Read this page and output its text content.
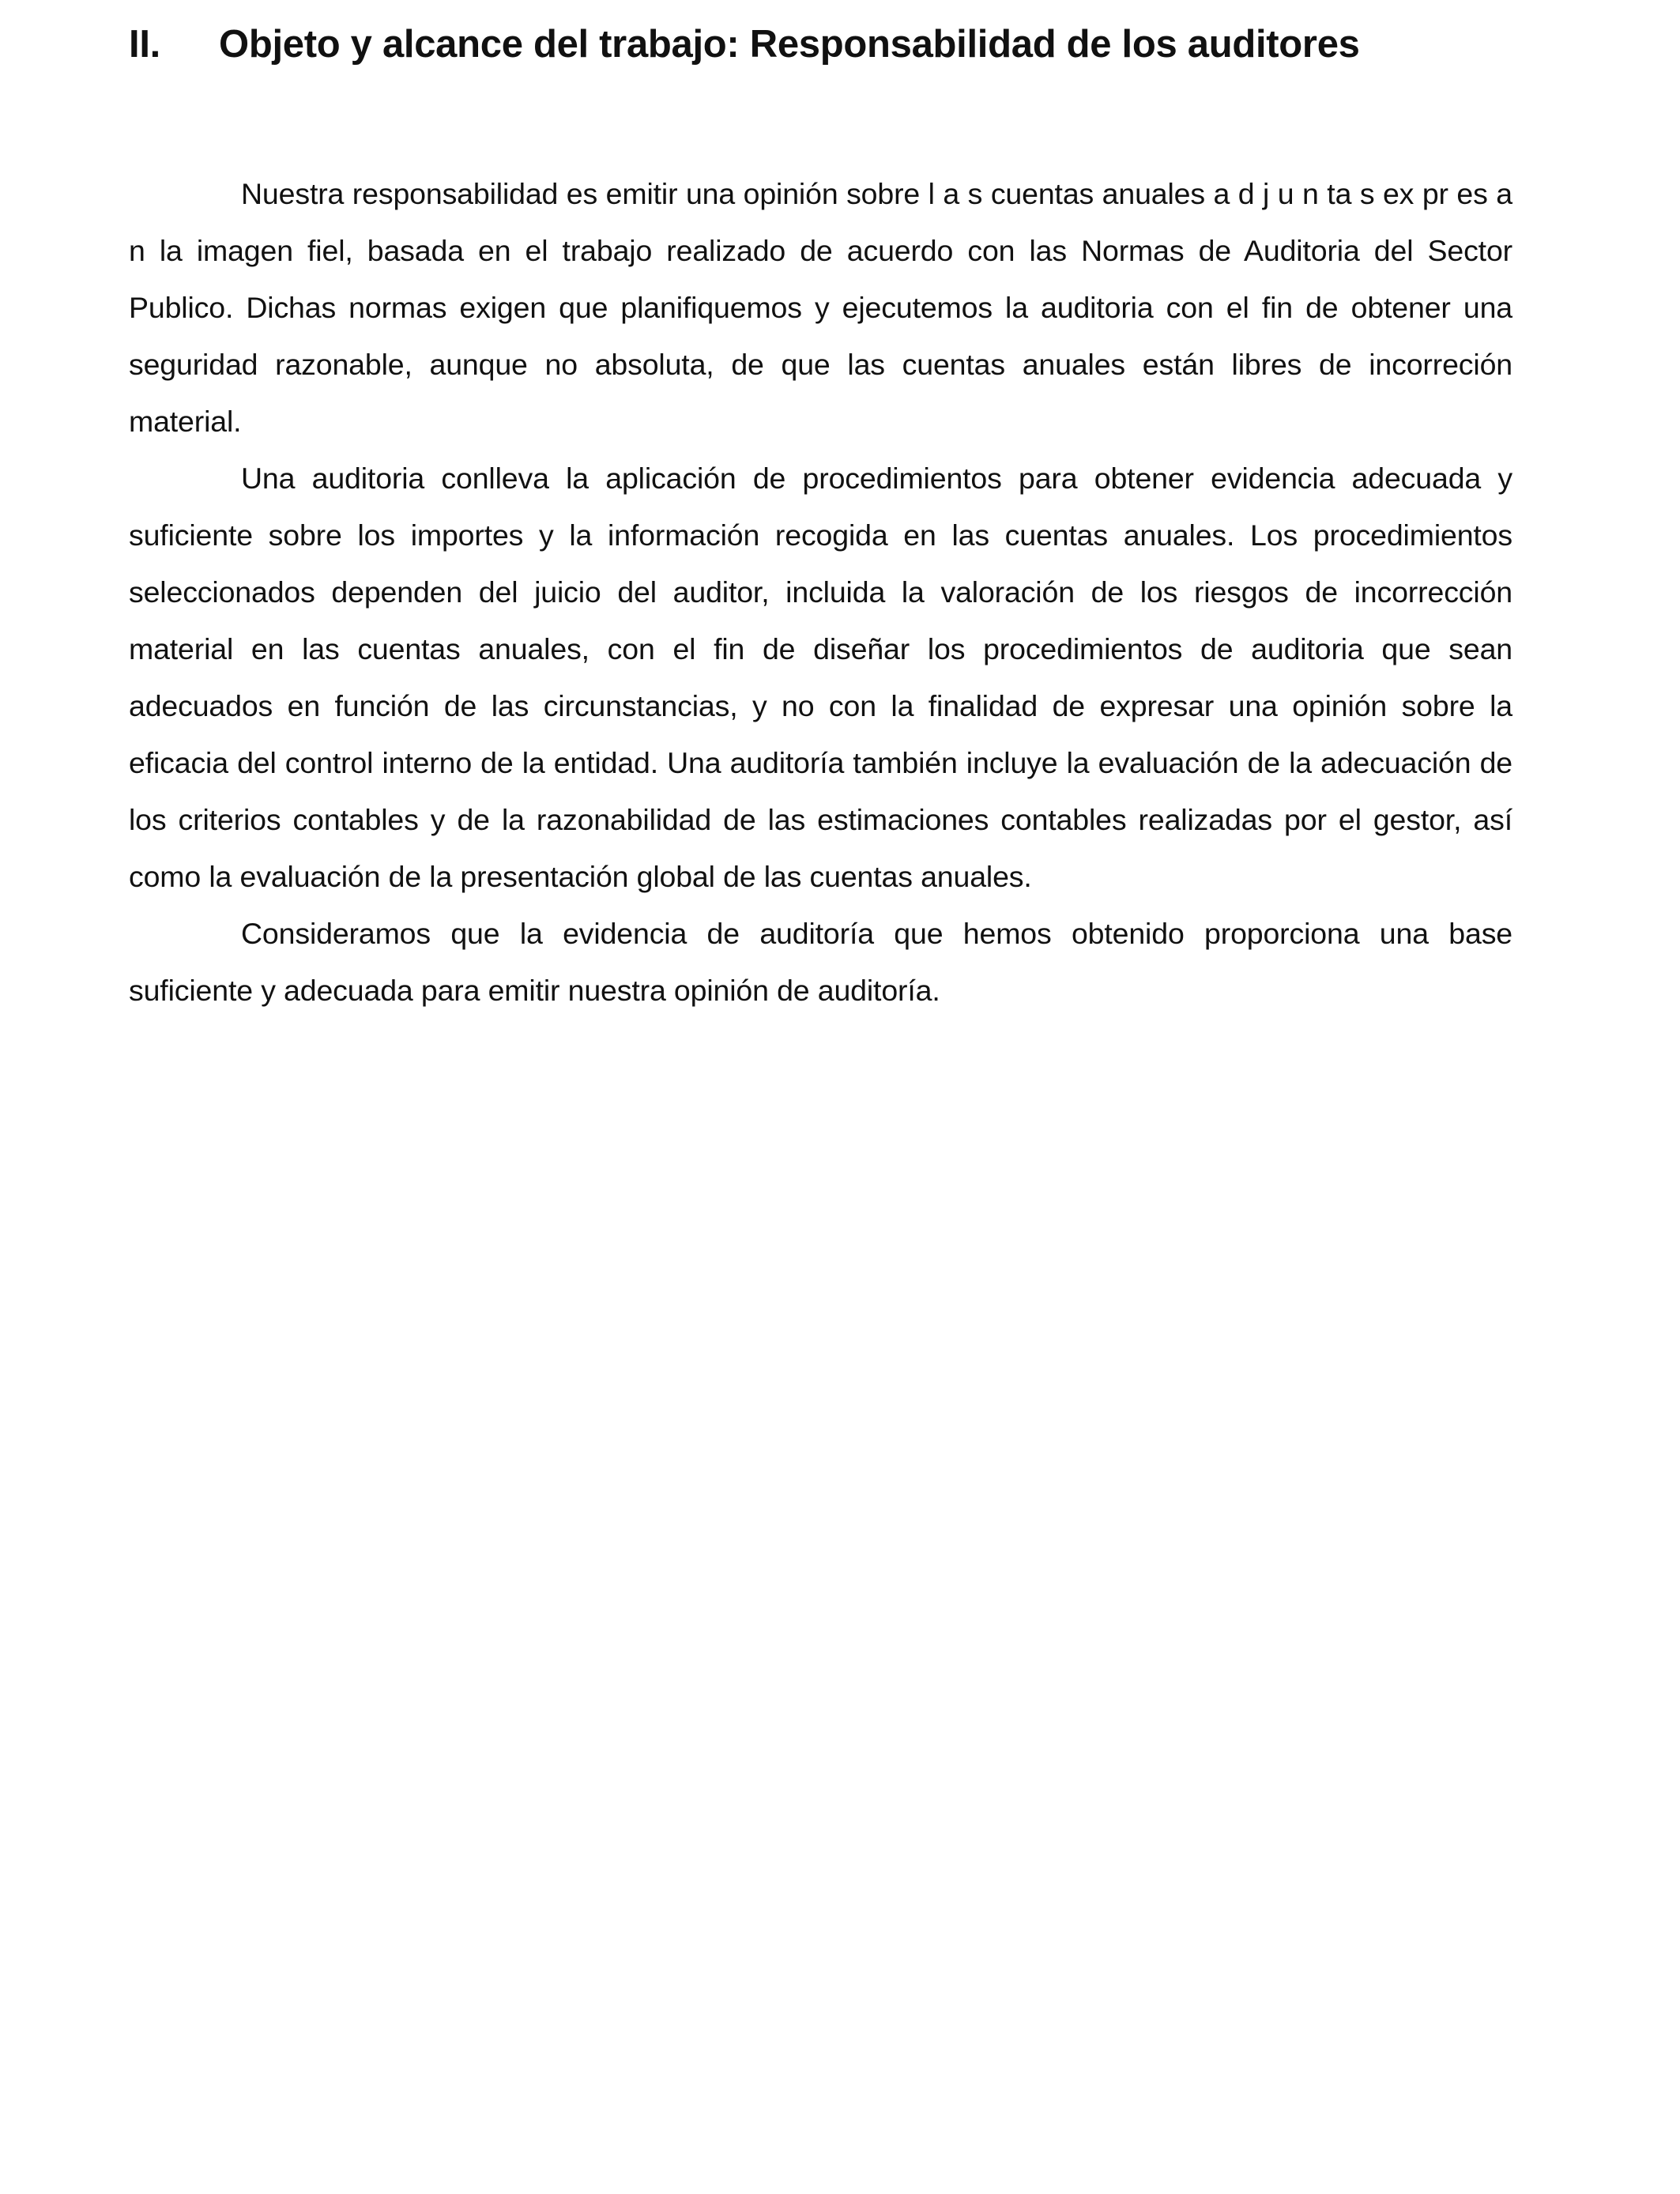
II. Objeto y alcance del trabajo: Responsabilidad de los auditores

Nuestra responsabilidad es emitir una opinión sobre l a s cuentas anuales a d j u n ta s ex pr es a n la imagen fiel, basada en el trabajo realizado de acuerdo con las Normas de Auditoria del Sector Publico. Dichas normas exigen que planifiquemos y ejecutemos la auditoria con el fin de obtener una seguridad razonable, aunque no absoluta, de que las cuentas anuales están libres de incorreción material.

Una auditoria conlleva la aplicación de procedimientos para obtener evidencia adecuada y suficiente sobre los importes y la información recogida en las cuentas anuales. Los procedimientos seleccionados dependen del juicio del auditor, incluida la valoración de los riesgos de incorrección material en las cuentas anuales, con el fin de diseñar los procedimientos de auditoria que sean adecuados en función de las circunstancias, y no con la finalidad de expresar una opinión sobre la eficacia del control interno de la entidad. Una auditoría también incluye la evaluación de la adecuación de los criterios contables y de la razonabilidad de las estimaciones contables realizadas por el gestor, así como la evaluación de la presentación global de las cuentas anuales.

Consideramos que la evidencia de auditoría que hemos obtenido proporciona una base suficiente y adecuada para emitir nuestra opinión de auditoría.
